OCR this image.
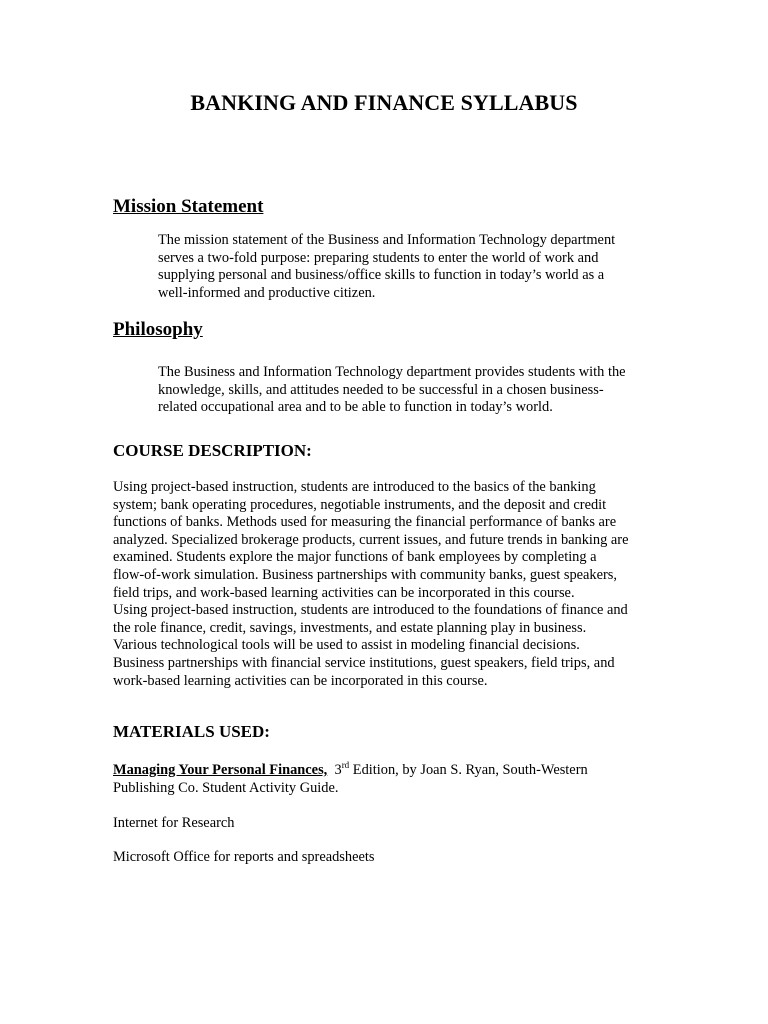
BANKING AND FINANCE SYLLABUS
Mission Statement
The mission statement of the Business and Information Technology department
serves a two-fold purpose: preparing students to enter the world of work and
supplying personal and business/office skills to function in today’s world as a
well-informed and productive citizen.
Philosophy
The Business and Information Technology department provides students with the
knowledge, skills, and attitudes needed to be successful in a chosen business-
related occupational area and to be able to function in today’s world.
COURSE DESCRIPTION:
Using project-based instruction, students are introduced to the basics of the banking
system; bank operating procedures, negotiable instruments, and the deposit and credit
functions of banks. Methods used for measuring the financial performance of banks are
analyzed. Specialized brokerage products, current issues, and future trends in banking are
examined. Students explore the major functions of bank employees by completing a
flow-of-work simulation. Business partnerships with community banks, guest speakers,
field trips, and work-based learning activities can be incorporated in this course.
Using project-based instruction, students are introduced to the foundations of finance and
the role finance, credit, savings, investments, and estate planning play in business.
Various technological tools will be used to assist in modeling financial decisions.
Business partnerships with financial service institutions, guest speakers, field trips, and
work-based learning activities can be incorporated in this course.
MATERIALS USED:
Managing Your Personal Finances, 3rd Edition, by Joan S. Ryan, South-Western
Publishing Co. Student Activity Guide.
Internet for Research
Microsoft Office for reports and spreadsheets
